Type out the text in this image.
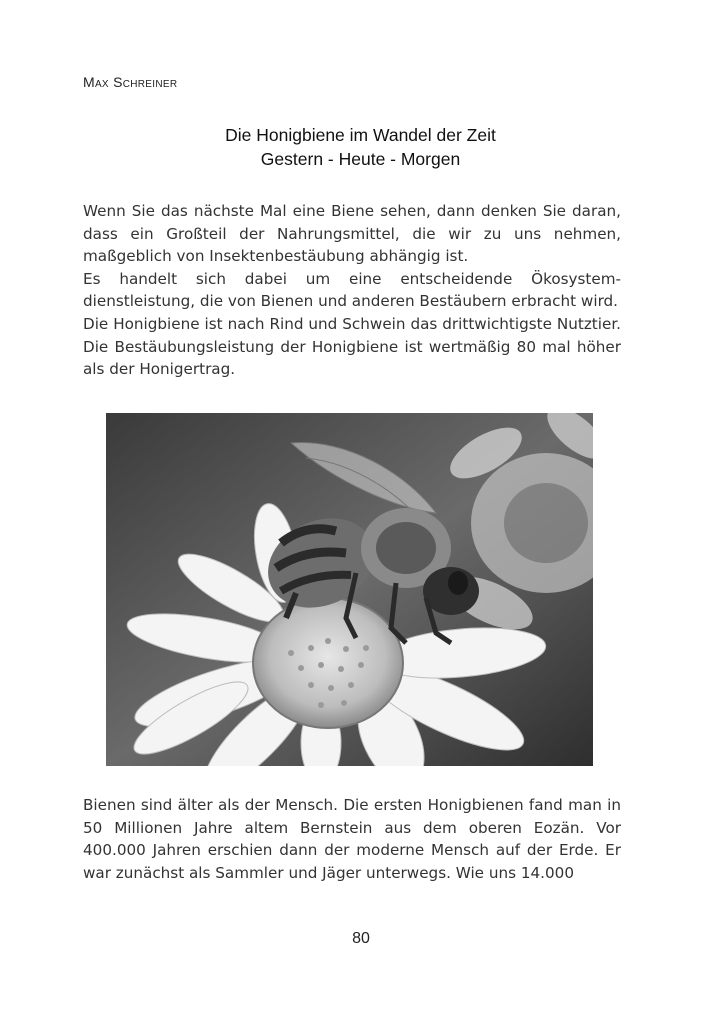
Max Schreiner
Die Honigbiene im Wandel der Zeit
Gestern - Heute - Morgen
Wenn Sie das nächste Mal eine Biene sehen, dann denken Sie daran, dass ein Großteil der Nahrungsmittel, die wir zu uns nehmen, maßgeblich von Insektenbestäubung abhängig ist.
Es handelt sich dabei um eine entscheidende Ökosystemdienstleistung, die von Bienen und anderen Bestäubern erbracht wird.
Die Honigbiene ist nach Rind und Schwein das drittwichtigste Nutztier. Die Bestäubungsleistung der Honigbiene ist wertmäßig 80 mal höher als der Honigertrag.

Bienen sind älter als der Mensch. Die ersten Honigbienen fand man in 50 Millionen Jahre altem Bernstein aus dem oberen Eozän. Vor 400.000 Jahren erschien dann der moderne Mensch auf der Erde. Er war zunächst als Sammler und Jäger unterwegs. Wie uns 14.000

80
